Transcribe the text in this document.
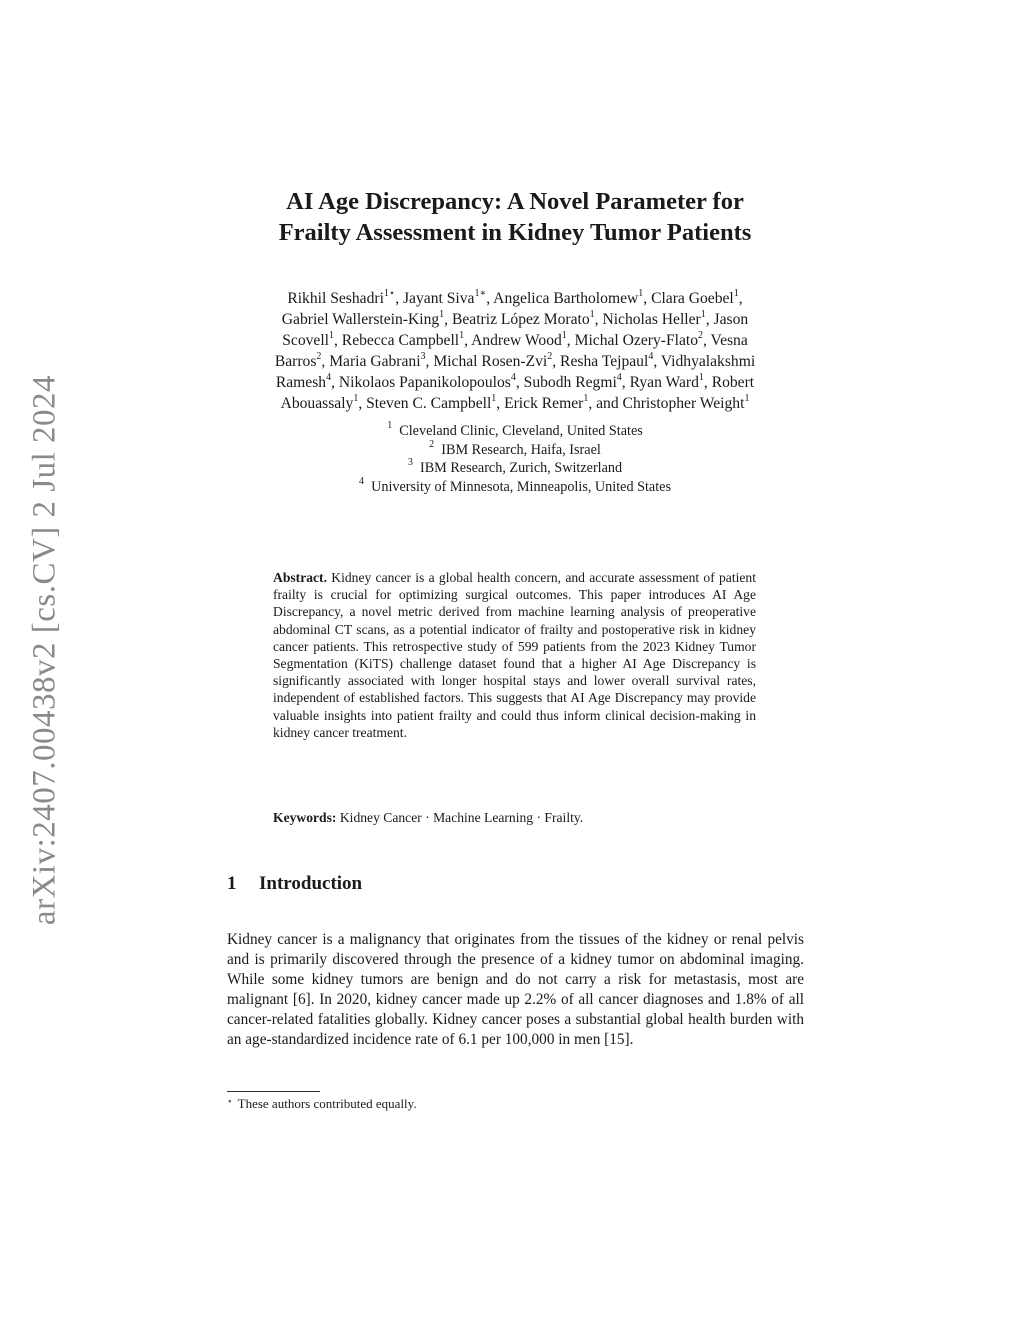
arXiv:2407.00438v2 [cs.CV] 2 Jul 2024
AI Age Discrepancy: A Novel Parameter for
Frailty Assessment in Kidney Tumor Patients
Rikhil Seshadri$^{1⋆}$, Jayant Siva$^{1∗}$, Angelica Bartholomew$^1$, Clara Goebel$^1$,
Gabriel Wallerstein-King$^1$, Beatriz López Morato$^1$, Nicholas Heller$^1$, Jason
Scovell$^1$, Rebecca Campbell$^1$, Andrew Wood$^1$, Michal Ozery-Flato$^2$, Vesna
Barros$^2$, Maria Gabrani$^3$, Michal Rosen-Zvi$^2$, Resha Tejpaul$^4$, Vidhyalakshmi
Ramesh$^4$, Nikolaos Papanikolopoulos$^4$, Subodh Regmi$^4$, Ryan Ward$^1$, Robert
Abouassaly$^1$, Steven C. Campbell$^1$, Erick Remer$^1$, and Christopher Weight$^1$
$^1$  Cleveland Clinic, Cleveland, United States
$^2$  IBM Research, Haifa, Israel
$^3$  IBM Research, Zurich, Switzerland
$^4$  University of Minnesota, Minneapolis, United States

Abstract. Kidney cancer is a global health concern, and accurate assessment of patient frailty is crucial for optimizing surgical outcomes. This paper introduces AI Age Discrepancy, a novel metric derived from machine learning analysis of preoperative abdominal CT scans, as a potential indicator of frailty and postoperative risk in kidney cancer patients. This retrospective study of 599 patients from the 2023 Kidney Tumor Segmentation (KiTS) challenge dataset found that a higher AI Age Discrepancy is significantly associated with longer hospital stays and lower overall survival rates, independent of established factors. This suggests that AI Age Discrepancy may provide valuable insights into patient frailty and could thus inform clinical decision-making in kidney cancer treatment.

Keywords: Kidney Cancer · Machine Learning · Frailty.
1 Introduction

Kidney cancer is a malignancy that originates from the tissues of the kidney or renal pelvis and is primarily discovered through the presence of a kidney tumor on abdominal imaging. While some kidney tumors are benign and do not carry a risk for metastasis, most are malignant [6]. In 2020, kidney cancer made up 2.2% of all cancer diagnoses and 1.8% of all cancer-related fatalities globally. Kidney cancer poses a substantial global health burden with an age-standardized incidence rate of 6.1 per 100,000 in men [15].

⋆ These authors contributed equally.
